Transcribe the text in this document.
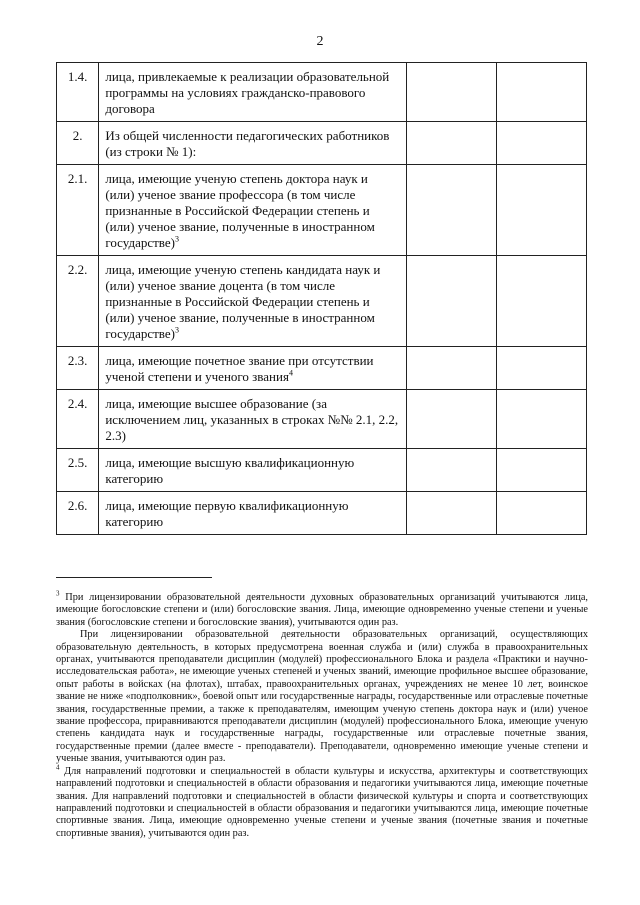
2
1.4.	лица, привлекаемые к реализации образовательной программы на условиях гражданско-правового договора		
2.	Из общей численности педагогических работников (из строки № 1):		
2.1.	лица, имеющие ученую степень доктора наук и (или) ученое звание профессора (в том числе признанные в Российской Федерации степень и (или) ученое звание, полученные в иностранном государстве)$^3$		
2.2.	лица, имеющие ученую степень кандидата наук и (или) ученое звание доцента (в том числе признанные в Российской Федерации степень и (или) ученое звание, полученные в иностранном государстве)$^3$		
2.3.	лица, имеющие почетное звание при отсутствии ученой степени и ученого звания$^4$		
2.4.	лица, имеющие высшее образование (за исключением лиц, указанных в строках №№ 2.1, 2.2, 2.3)		
2.5.	лица, имеющие высшую квалификационную категорию		
2.6.	лица, имеющие первую квалификационную категорию		

$^3$ При лицензировании образовательной деятельности духовных образовательных организаций учитываются лица, имеющие богословские степени и (или) богословские звания. Лица, имеющие одновременно ученые степени и ученые звания (богословские степени и богословские звания), учитываются один раз.

При лицензировании образовательной деятельности образовательных организаций, осуществляющих образовательную деятельность, в которых предусмотрена военная служба и (или) служба в правоохранительных органах, учитываются преподаватели дисциплин (модулей) профессионального Блока и раздела «Практики и научно-исследовательская работа», не имеющие ученых степеней и ученых званий, имеющие профильное высшее образование, опыт работы в войсках (на флотах), штабах, правоохранительных органах, учреждениях не менее 10 лет, воинское звание не ниже «подполковник», боевой опыт или государственные награды, государственные или отраслевые почетные звания, государственные премии, а также к преподавателям, имеющим ученую степень доктора наук и (или) ученое звание профессора, приравниваются преподаватели дисциплин (модулей) профессионального Блока, имеющие ученую степень кандидата наук и государственные награды, государственные или отраслевые почетные звания, государственные премии (далее вместе - преподаватели). Преподаватели, одновременно имеющие ученые степени и ученые звания, учитываются один раз.

$^4$ Для направлений подготовки и специальностей в области культуры и искусства, архитектуры и соответствующих направлений подготовки и специальностей в области образования и педагогики учитываются лица, имеющие почетные звания. Для направлений подготовки и специальностей в области физической культуры и спорта и соответствующих направлений подготовки и специальностей в области образования и педагогики учитываются лица, имеющие почетные спортивные звания. Лица, имеющие одновременно ученые степени и ученые звания (почетные звания и почетные спортивные звания), учитываются один раз.
